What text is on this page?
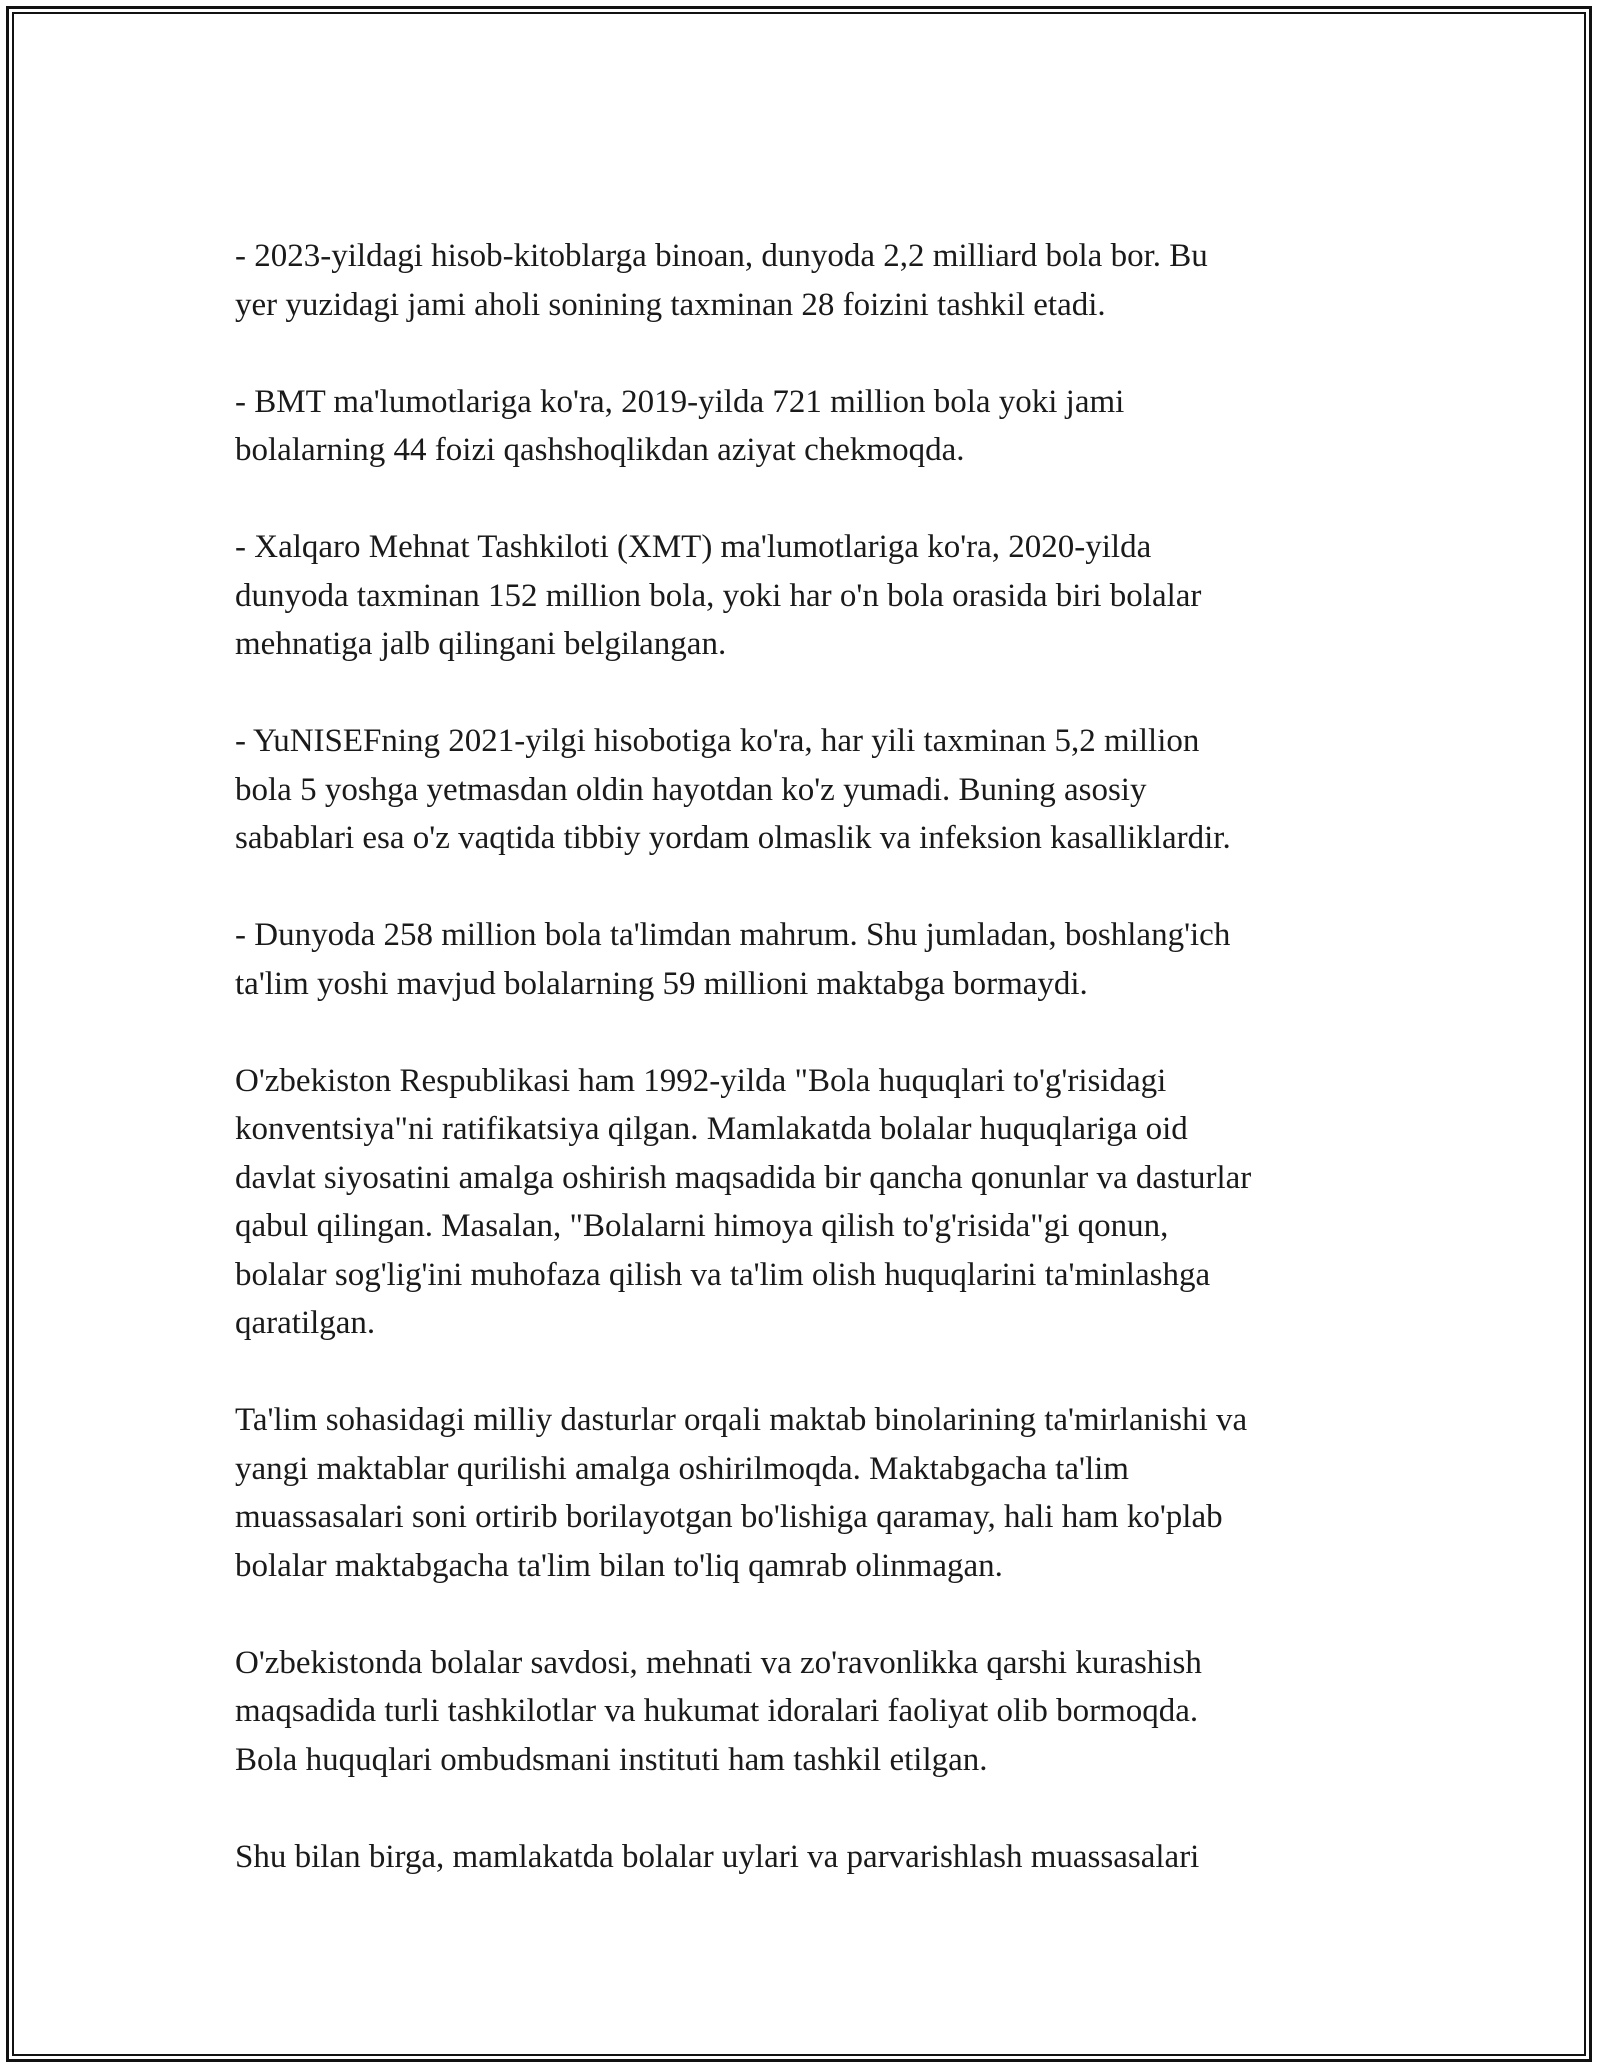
- 2023-yildagi hisob-kitoblarga binoan, dunyoda 2,2 milliard bola bor. Bu
yer yuzidagi jami aholi sonining taxminan 28 foizini tashkil etadi.

- BMT ma'lumotlariga ko'ra, 2019-yilda 721 million bola yoki jami
bolalarning 44 foizi qashshoqlikdan aziyat chekmoqda.

- Xalqaro Mehnat Tashkiloti (XMT) ma'lumotlariga ko'ra, 2020-yilda
dunyoda taxminan 152 million bola, yoki har o'n bola orasida biri bolalar
mehnatiga jalb qilingani belgilangan.

- YuNISEFning 2021-yilgi hisobotiga ko'ra, har yili taxminan 5,2 million
bola 5 yoshga yetmasdan oldin hayotdan ko'z yumadi. Buning asosiy
sabablari esa o'z vaqtida tibbiy yordam olmaslik va infeksion kasalliklardir.

- Dunyoda 258 million bola ta'limdan mahrum. Shu jumladan, boshlang'ich
ta'lim yoshi mavjud bolalarning 59 millioni maktabga bormaydi.

O'zbekiston Respublikasi ham 1992-yilda "Bola huquqlari to'g'risidagi
konventsiya"ni ratifikatsiya qilgan. Mamlakatda bolalar huquqlariga oid
davlat siyosatini amalga oshirish maqsadida bir qancha qonunlar va dasturlar
qabul qilingan. Masalan, "Bolalarni himoya qilish to'g'risida"gi qonun,
bolalar sog'lig'ini muhofaza qilish va ta'lim olish huquqlarini ta'minlashga
qaratilgan.

Ta'lim sohasidagi milliy dasturlar orqali maktab binolarining ta'mirlanishi va
yangi maktablar qurilishi amalga oshirilmoqda. Maktabgacha ta'lim
muassasalari soni ortirib borilayotgan bo'lishiga qaramay, hali ham ko'plab
bolalar maktabgacha ta'lim bilan to'liq qamrab olinmagan.

O'zbekistonda bolalar savdosi, mehnati va zo'ravonlikka qarshi kurashish
maqsadida turli tashkilotlar va hukumat idoralari faoliyat olib bormoqda.
Bola huquqlari ombudsmani instituti ham tashkil etilgan.

Shu bilan birga, mamlakatda bolalar uylari va parvarishlash muassasalari
